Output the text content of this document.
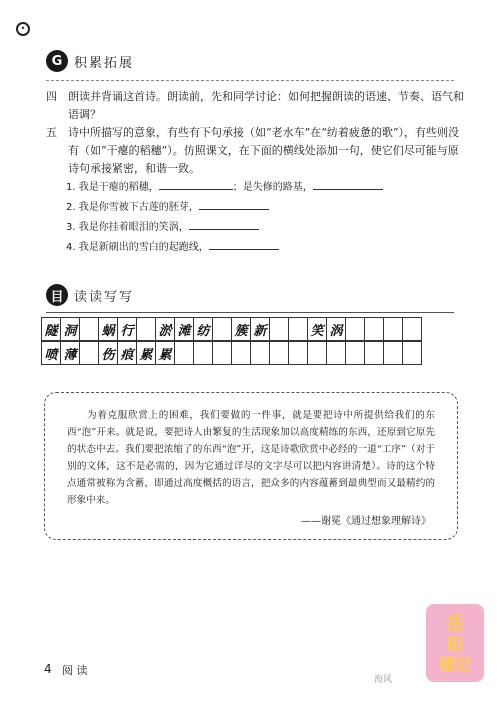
•
G 积累拓展
四	朗读并背诵这首诗。朗读前，先和同学讨论：如何把握朗读的语速、节奏、语气和语调？
五	诗中所描写的意象，有些有下句承接（如“老水车”在“纺着疲惫的歌”），有些则没有（如“干瘪的稻穗”）。仿照课文，在下面的横线处添加一句，使它们尽可能与原诗句承接紧密，和谐一致。
1. 我是干瘪的稻穗，	；是失修的路基，
2. 我是你雪被下古莲的胚芽，
3. 我是你挂着眼泪的笑涡，
4. 我是新刷出的雪白的起跑线，
目 读读写写
隧 洞 蜗 行 淤 滩 纺 簇 新	笑 涡
喷 薄 伤 痕 累 累

为着克服欣赏上的困难，我们要做的一件事，就是要把诗中所提供给我们的东西“泡”开来。就是说，要把诗人由繁复的生活现象加以高度精练的东西，还原到它原先的状态中去。我们要把浓缩了的东西“泡”开，这是诗歌欣赏中必经的一道“工序”（对于别的文体，这不是必需的，因为它通过详尽的文字尽可以把内容讲清楚）。诗的这个特点通常被称为含蓄，即通过高度概括的语言，把众多的内容蕴蓄到最典型而又最精约的形象中来。

——谢冕《通过想象理解诗》
4 阅 读
岳
阳
楼记
海风
